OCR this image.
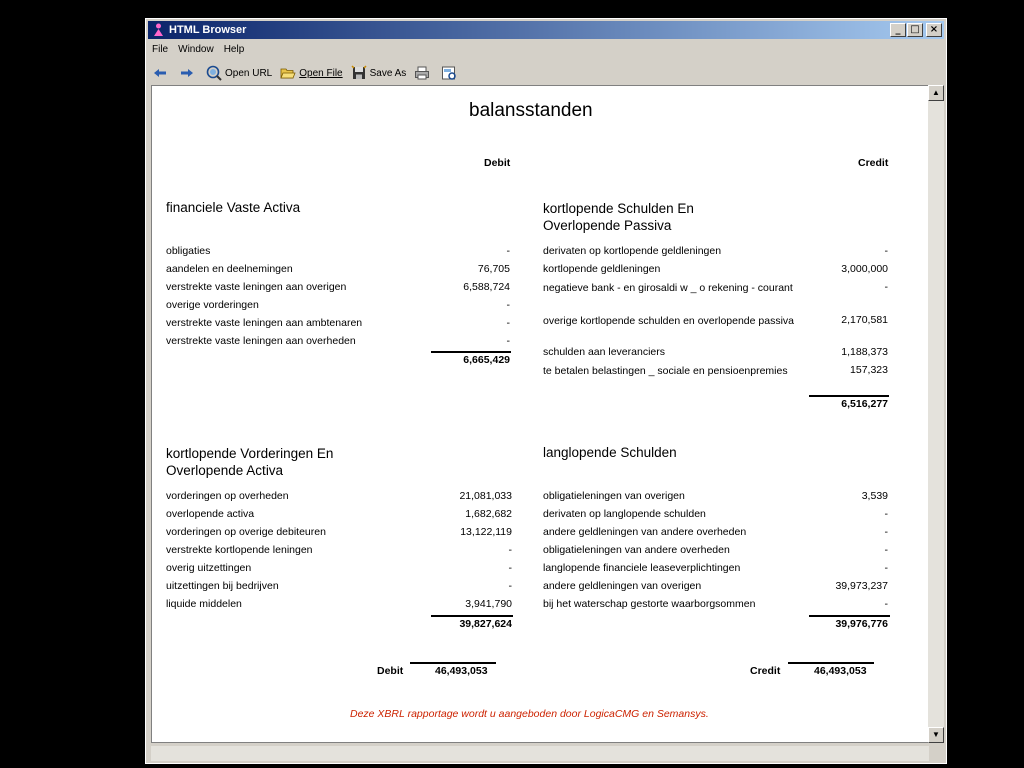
HTML Browser	_ □	×
File Window Help
Open URL	Open File	Save As
balansstanden
Debit	Credit
financiele Vaste Activa
obligaties	-
aandelen en deelnemingen	76,705
verstrekte vaste leningen aan overigen	6,588,724
overige vorderingen	-
verstrekte vaste leningen aan ambtenaren	-
verstrekte vaste leningen aan overheden	-
6,665,429
kortlopende Schulden En Overlopende Passiva
derivaten op kortlopende geldleningen	-
kortlopende geldleningen	3,000,000
negatieve bank - en girosaldi w _ o rekening - courant	-
overige kortlopende schulden en overlopende passiva	2,170,581
schulden aan leveranciers	1,188,373
te betalen belastingen _ sociale en pensioenpremies	157,323
6,516,277
kortlopende Vorderingen En Overlopende Activa
vorderingen op overheden	21,081,033
overlopende activa	1,682,682
vorderingen op overige debiteuren	13,122,119
verstrekte kortlopende leningen	-
overig uitzettingen	-
uitzettingen bij bedrijven	-
liquide middelen	3,941,790
39,827,624
langlopende Schulden
obligatieleningen van overigen	3,539
derivaten op langlopende schulden	-
andere geldleningen van andere overheden	-
obligatieleningen van andere overheden	-
langlopende financiele leaseverplichtingen	-
andere geldleningen van overigen	39,973,237
bij het waterschap gestorte waarborgsommen	-
39,976,776
Debit	46,493,053	Credit	46,493,053
Deze XBRL rapportage wordt u aangeboden door LogicaCMG en Semansys.
▲
▼
